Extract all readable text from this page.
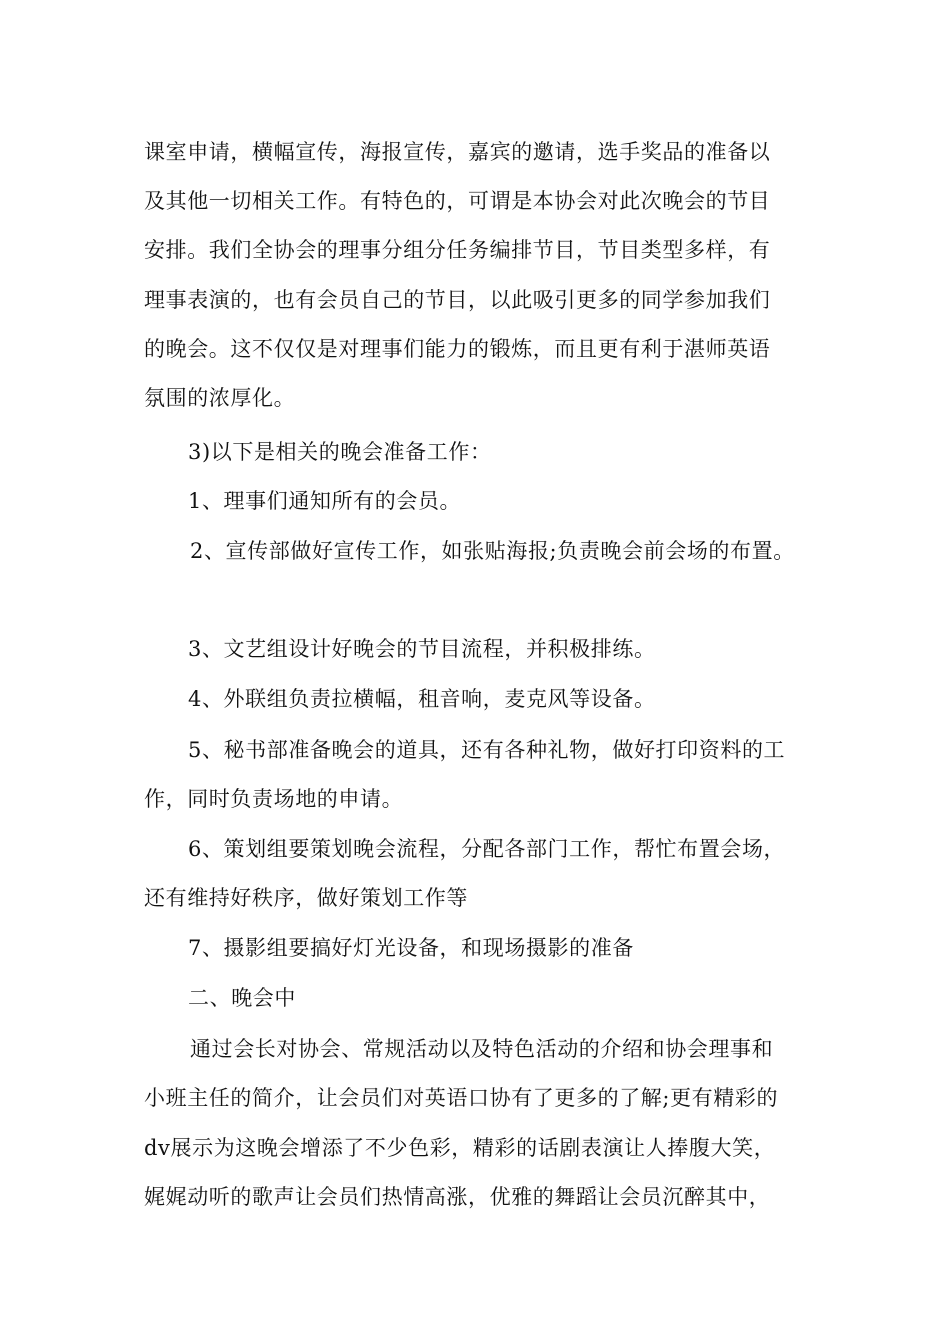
课室申请，横幅宣传，海报宣传，嘉宾的邀请，选手奖品的准备以
及其他一切相关工作。有特色的，可谓是本协会对此次晚会的节目
安排。我们全协会的理事分组分任务编排节目，节目类型多样，有
理事表演的，也有会员自己的节目，以此吸引更多的同学参加我们
的晚会。这不仅仅是对理事们能力的锻炼，而且更有利于湛师英语
氛围的浓厚化。
3)以下是相关的晚会准备工作：
1、理事们通知所有的会员。
2、宣传部做好宣传工作，如张贴海报;负责晚会前会场的布置。
3、文艺组设计好晚会的节目流程，并积极排练。
4、外联组负责拉横幅，租音响，麦克风等设备。
5、秘书部准备晚会的道具，还有各种礼物，做好打印资料的工
作，同时负责场地的申请。
6、策划组要策划晚会流程，分配各部门工作，帮忙布置会场，
还有维持好秩序，做好策划工作等
7、摄影组要搞好灯光设备，和现场摄影的准备
二、晚会中
通过会长对协会、常规活动以及特色活动的介绍和协会理事和
小班主任的简介，让会员们对英语口协有了更多的了解;更有精彩的
dv展示为这晚会增添了不少色彩，精彩的话剧表演让人捧腹大笑，
娓娓动听的歌声让会员们热情高涨，优雅的舞蹈让会员沉醉其中，
